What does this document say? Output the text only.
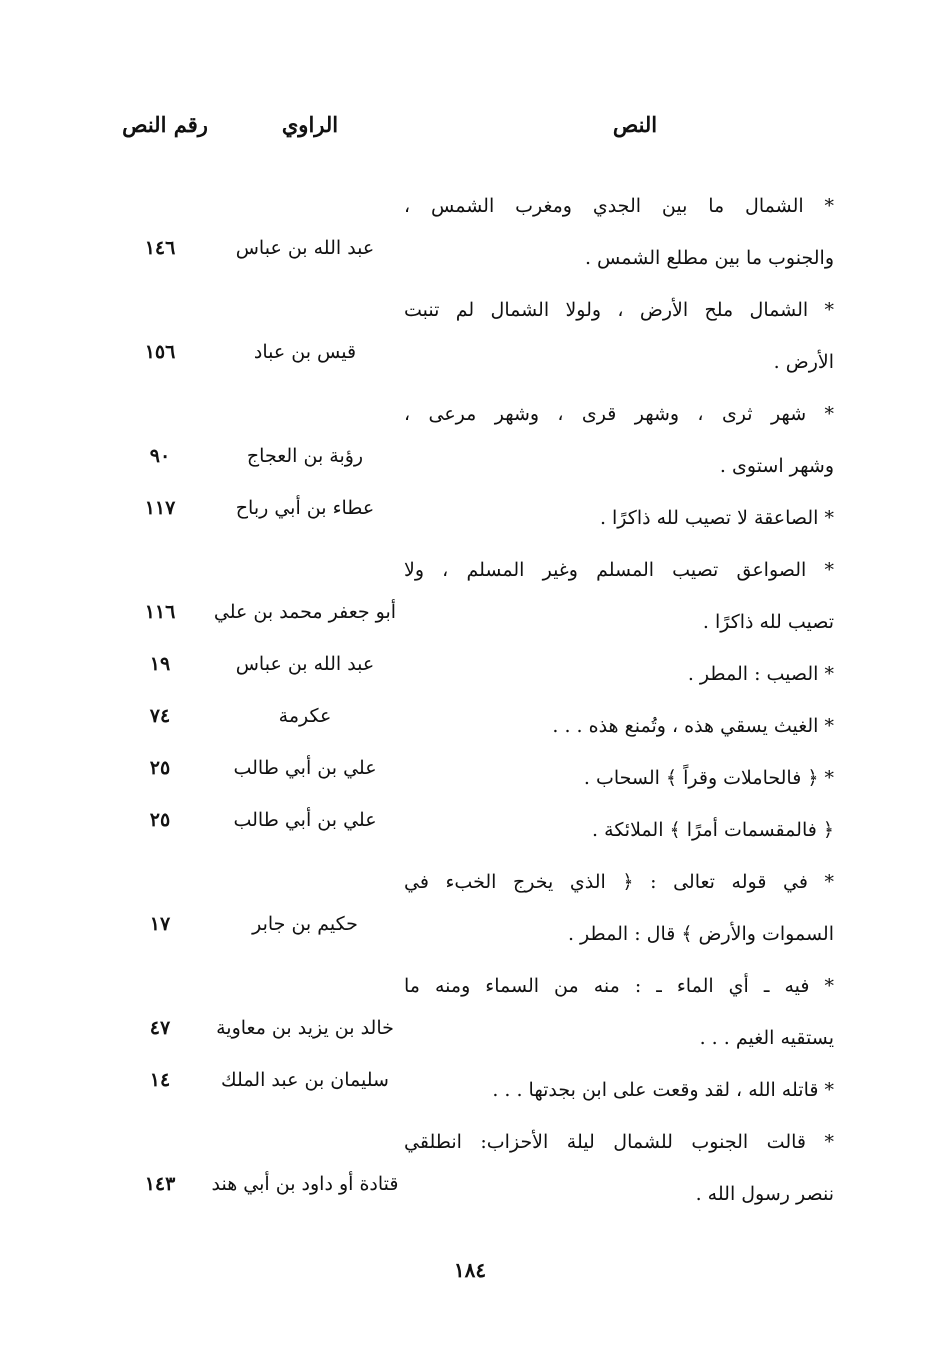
النص
الراوي
رقم النص
* الشمال ما بين الجدي ومغرب الشمس ،
والجنوب ما بين مطلع الشمس .
عبد الله بن عباس
١٤٦
* الشمال ملح الأرض ، ولولا الشمال لم تنبت
الأرض .
قيس بن عباد
١٥٦
* شهر ثرى ، وشهر قرى ، وشهر مرعى ،
وشهر استوى .
رؤبة بن العجاج
٩٠
* الصاعقة لا تصيب لله ذاكرًا .
عطاء بن أبي رباح
١١٧
* الصواعق تصيب المسلم وغير المسلم ، ولا
تصيب لله ذاكرًا .
أبو جعفر محمد بن علي
١١٦
* الصيب : المطر .
عبد الله بن عباس
١٩
* الغيث يسقي هذه ، وتُمنع هذه . . .
عكرمة
٧٤
* ﴿ فالحاملات وقراً ﴾ السحاب .
علي بن أبي طالب
٢٥
﴿ فالمقسمات أمرًا ﴾ الملائكة .
علي بن أبي طالب
٢٥
* في قوله تعالى : ﴿ الذي يخرج الخبء في
السموات والأرض ﴾ قال : المطر .
حكيم بن جابر
١٧
* فيه ـ أي الماء ـ : منه من السماء ومنه ما
يستقيه الغيم . . .
خالد بن يزيد بن معاوية
٤٧
* قاتله الله ، لقد وقعت على ابن بجدتها . . .
سليمان بن عبد الملك
١٤
* قالت الجنوب للشمال ليلة الأحزاب: انطلقي
ننصر رسول الله .
قتادة أو داود بن أبي هند
١٤٣
١٨٤
